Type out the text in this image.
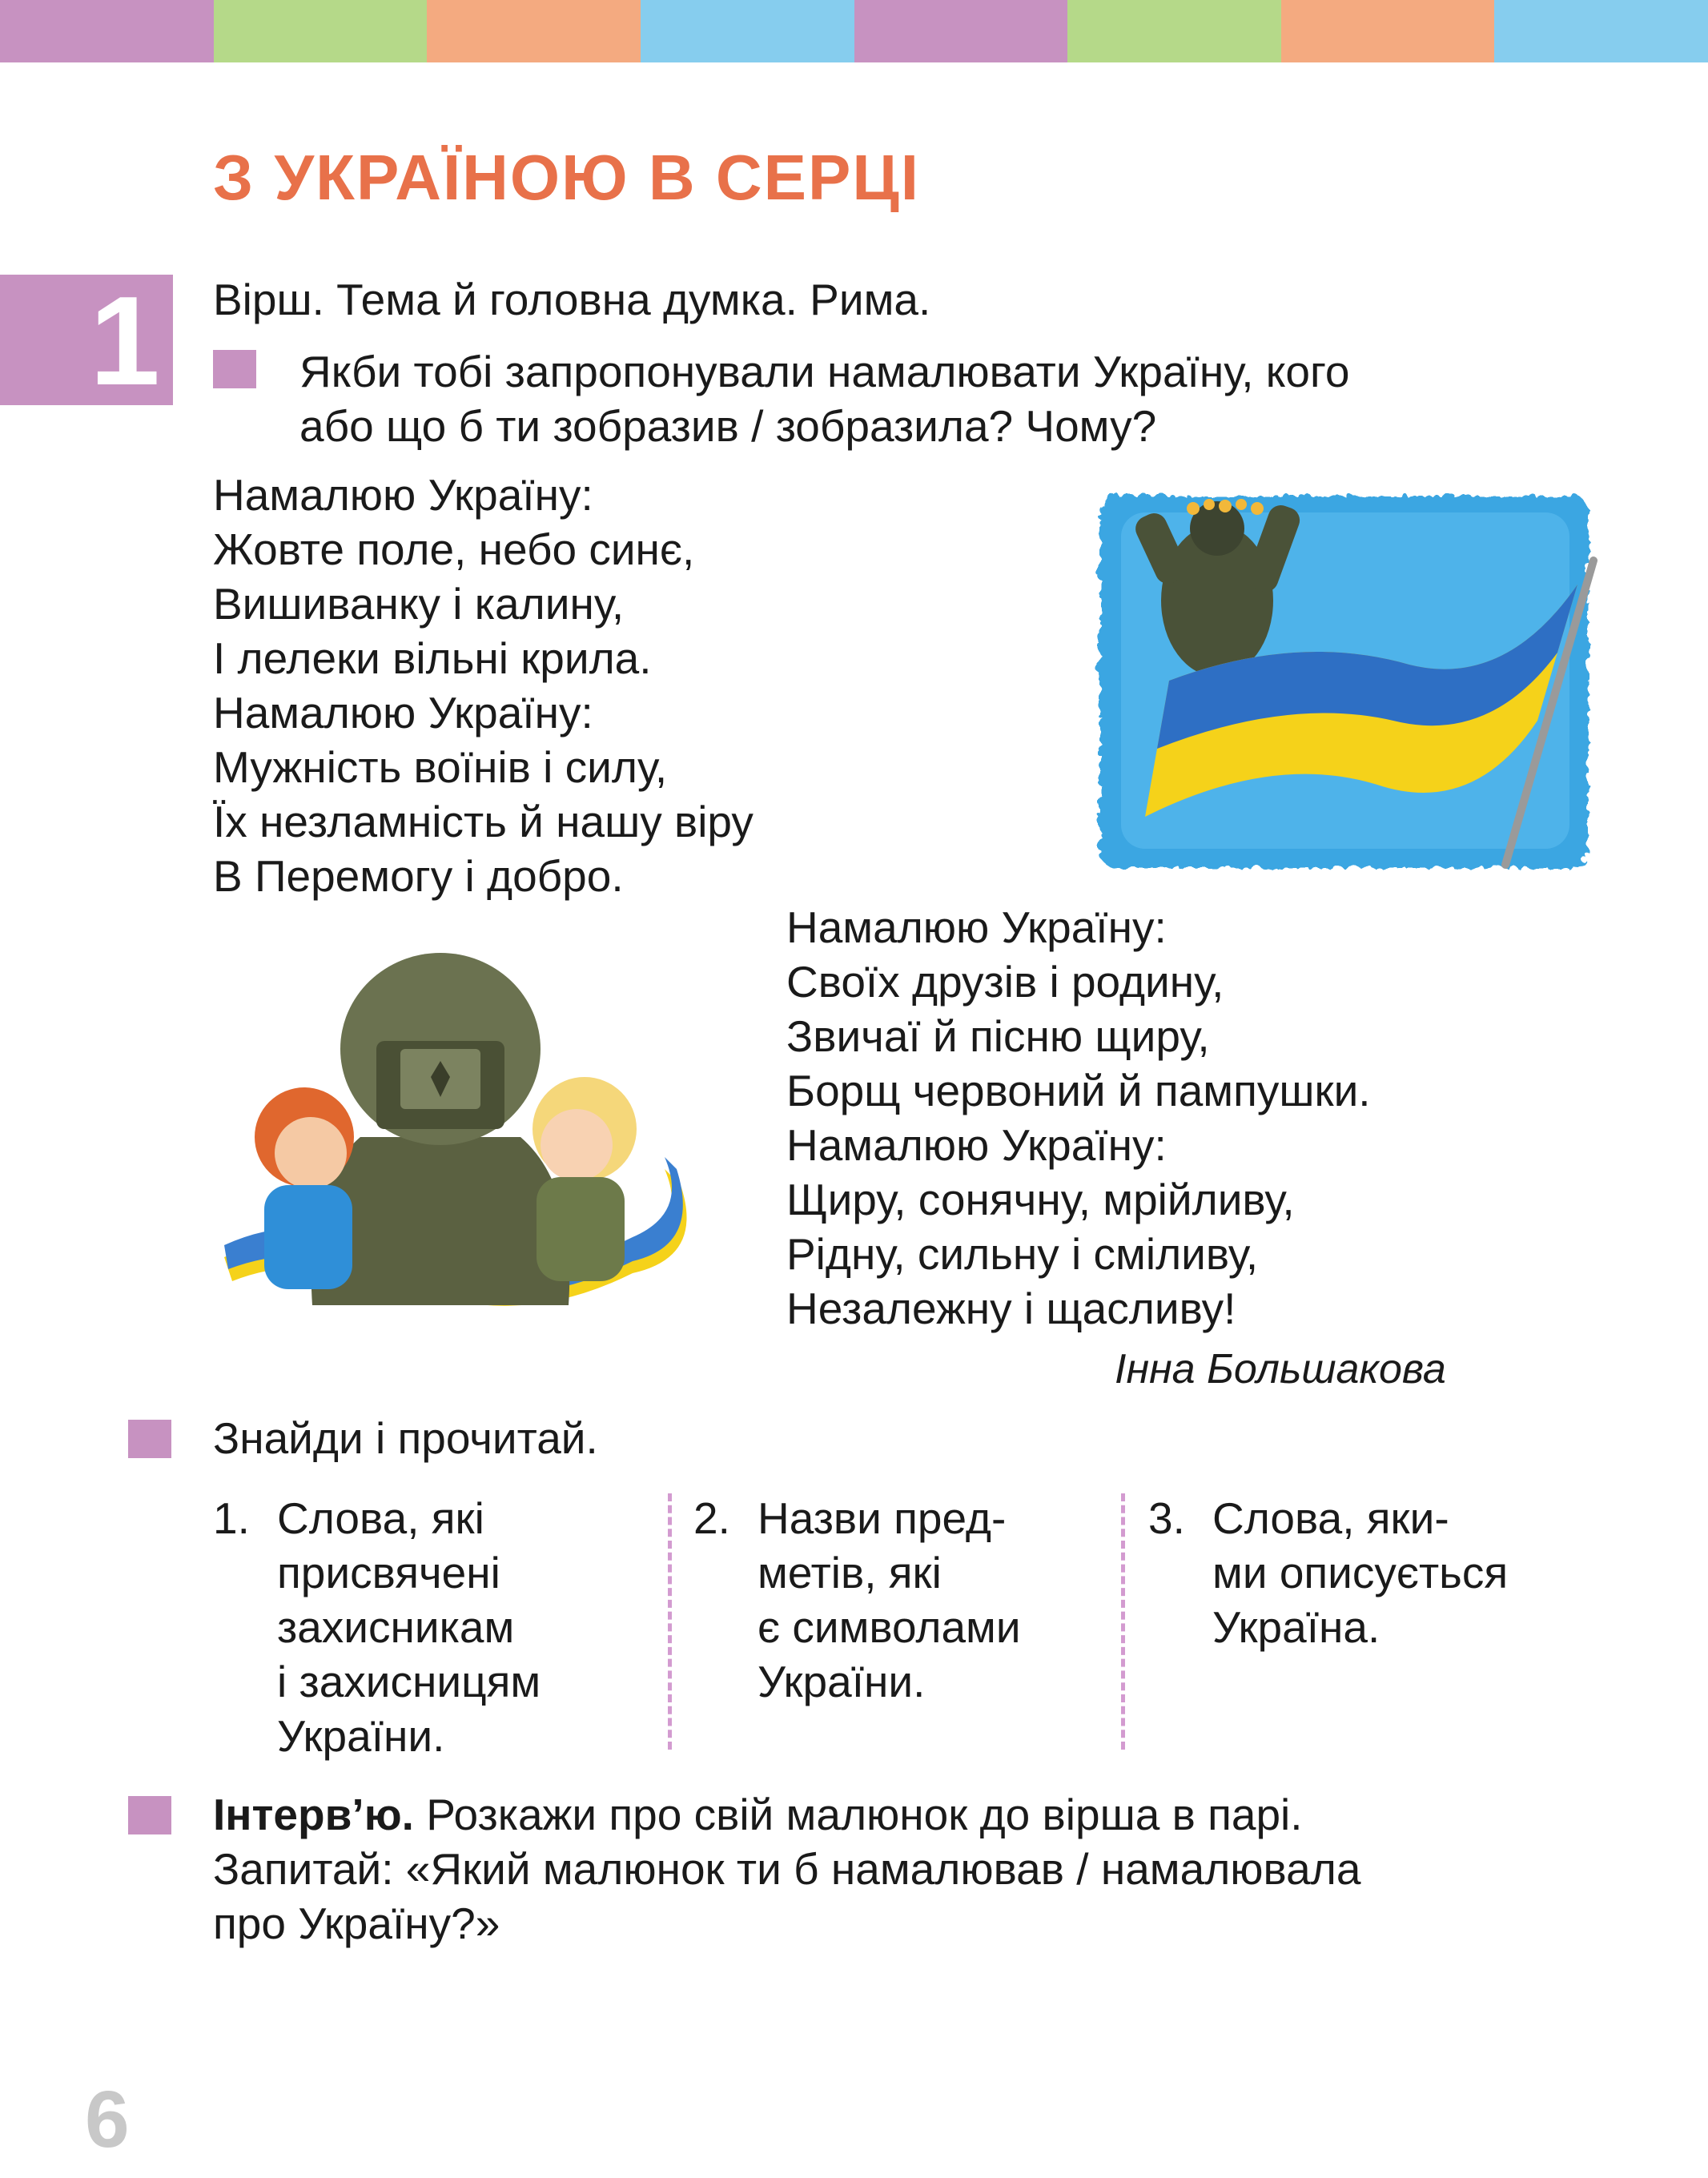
З УКРАЇНОЮ В СЕРЦІ
1 Вірш. Тема й головна думка. Рима.
Якби тобі запропонували намалювати Україну, кого
або що б ти зобразив / зобразила? Чому?
Намалюю Україну:
Жовте поле, небо синє,
Вишиванку і калину,
І лелеки вільні крила.
Намалюю Україну:
Мужність воїнів і силу,
Їх незламність й нашу віру
В Перемогу і добро.
Намалюю Україну:
Своїх друзів і родину,
Звичаї й пісню щиру,
Борщ червоний й пампушки.
Намалюю Україну:
Щиру, сонячну, мрійливу,
Рідну, сильну і сміливу,
Незалежну і щасливу!
Інна Большакова
Знайди і прочитай.
1. Слова, які
присвячені
захисникам
і захисницям
України.
2. Назви пред-
метів, які
є символами
України.
3. Слова, яки-
ми описується
Україна.
Інтерв’ю. Розкажи про свій малюнок до вірша в парі.
Запитай: «Який малюнок ти б намалював / намалювала
про Україну?»
6
